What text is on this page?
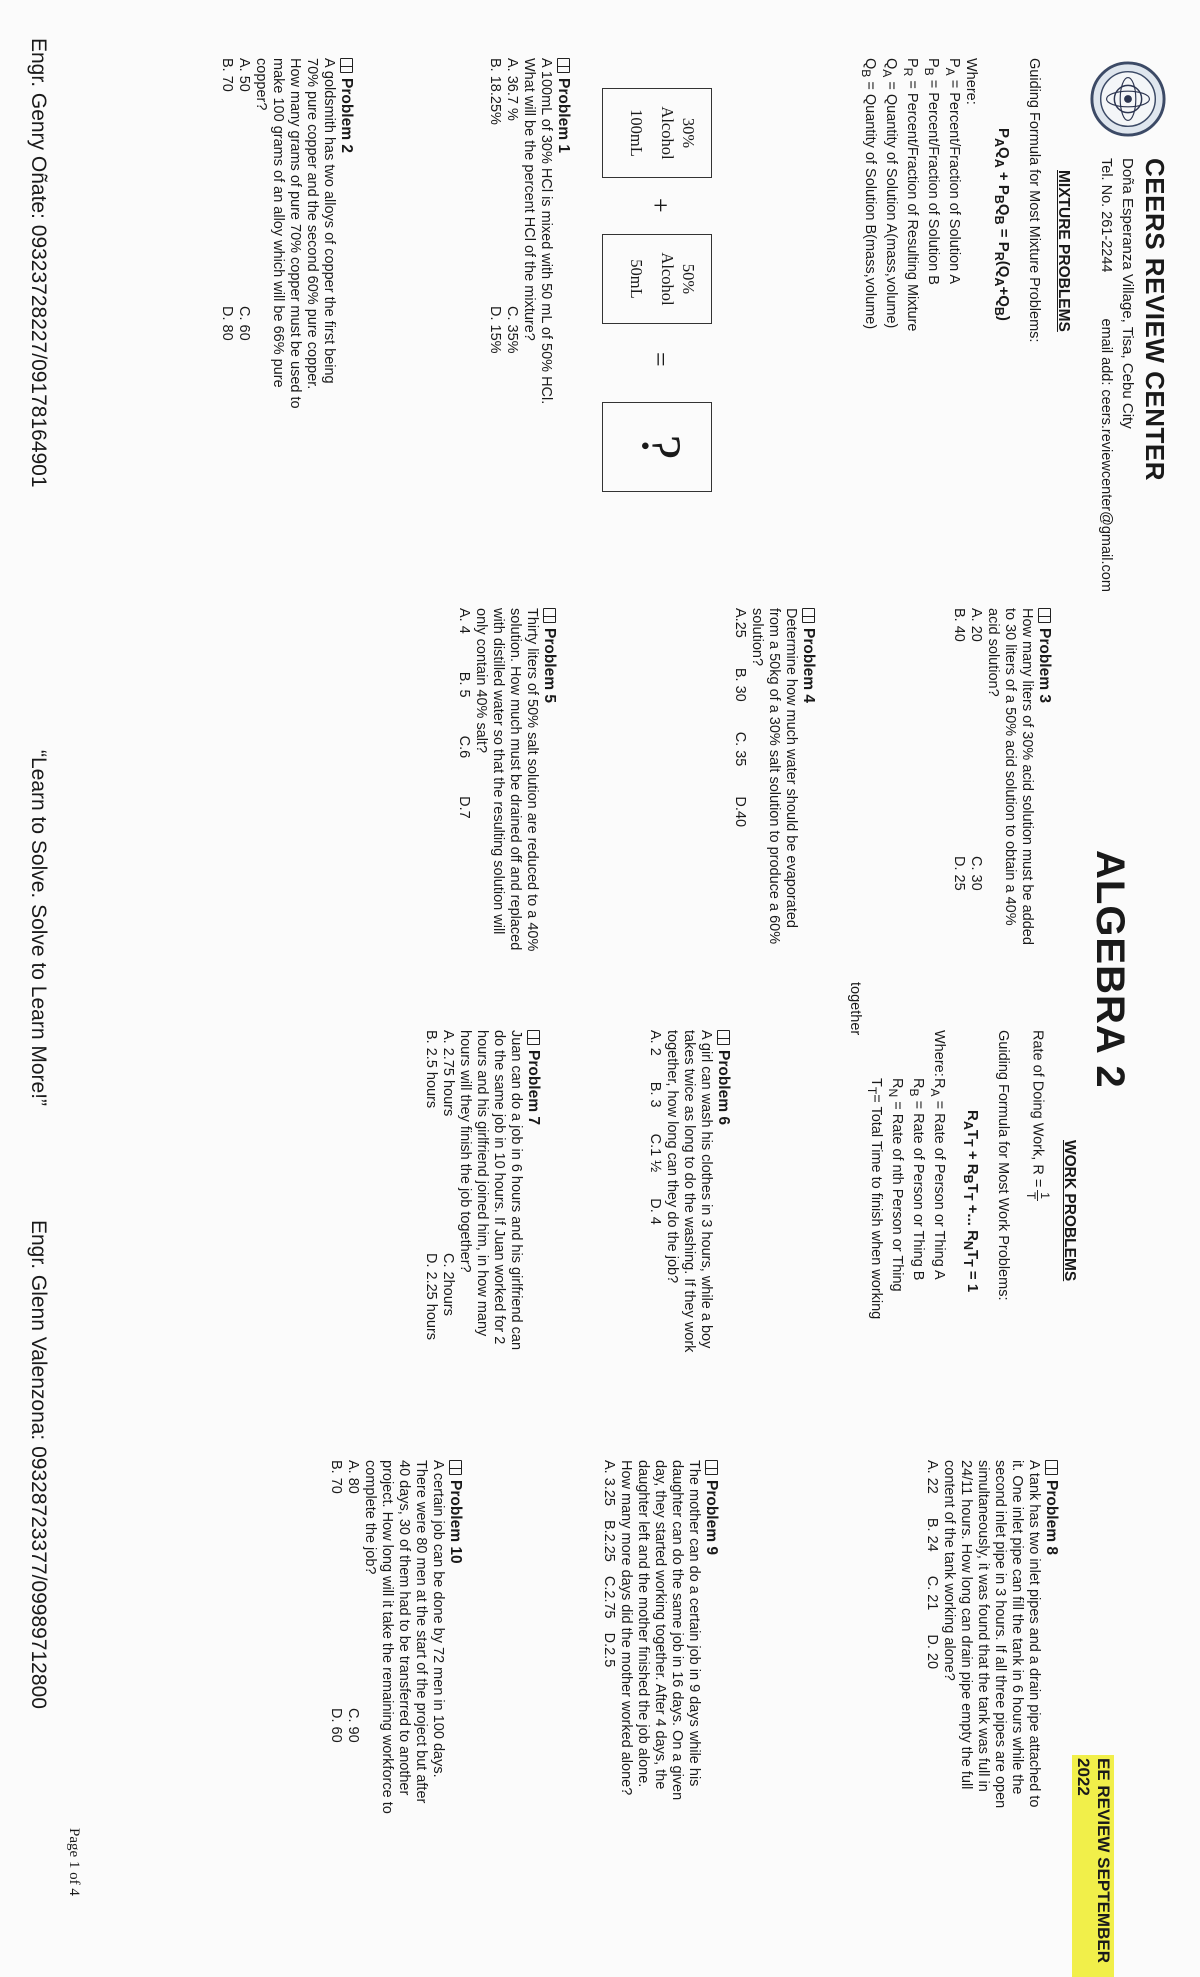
CEERS REVIEW CENTER
Doña Esperanza Village, Tisa, Cebu City
Tel. No. 261-2244 email add: ceers.reviewcenter@gmail.com
ALGEBRA 2
EE REVIEW SEPTEMBER 2022

MIXTURE PROBLEMS

Guiding Formula for Most Mixture Problems:

$P_AQ_A + P_BQ_B = P_R(Q_A+Q_B)$

Where:

$P_A$ = Percent/Fraction of Solution A

$P_B$ = Percent/Fraction of Solution B

$P_R$ = Percent/Fraction of Resulting Mixture

$Q_A$ = Quantity of Solution A(mass,volume)

$Q_B$ = Quantity of Solution B(mass,volume)

30%
Alcohol
100mL
+
50%
Alcohol
50mL
=
?
Problem 1

A 100mL of 30% HCl is mixed with 50 mL of 50% HCl. What will be the percent HCl of the mixture?

A. 36.7 %
C. 35%
B. 18.25%
D. 15%
Problem 2

A goldsmith has two alloys of copper the first being 70% pure copper and the second 60% pure copper. How many grams of pure 70% copper must be used to make 100 grams of an alloy which will be 66% pure copper?

A. 50
C. 60
B. 70
D. 80
Problem 3

How many liters of 30% acid solution must be added to 30 liters of a 50% acid solution to obtain a 40% acid solution?

A. 20
C. 30
B. 40
D. 25
Problem 4

Determine how much water should be evaporated from a 50kg of a 30% salt solution to produce a 60% solution?

A.25
B. 30
C. 35
D.40
Problem 5

Thirty liters of 50% salt solution are reduced to a 40% solution. How much must be drained off and replaced with distilled water so that the resulting solution will only contain 40% salt?

A. 4
B. 5
C.6
D.7

WORK PROBLEMS

Rate of Doing Work, R =
1
T

Guiding Formula for Most Work Problems:

$R_AT_T + R_BT_T$ +... $R_NT_T = 1$

Where:

$R_A$ = Rate of Person or Thing A

$R_B$ = Rate of Person or Thing B

$R_N$ = Rate of nth Person or Thing

$T_T=$ Total Time to finish when working

together

Problem 6

A girl can wash his clothes in 3 hours, while a boy takes twice as long to do the washing. If they work together, how long can they do the job?

A. 2
B. 3
C.1 ½
D. 4
Problem 7

Juan can do a job in 6 hours and his girlfriend can do the same job in 10 hours. If Juan worked for 2 hours and his girlfriend joined him, in how many hours will they finish the job together?

A. 2.75 hours
C. 2hours
B. 2.5 hours
D. 2.25 hours
Problem 8

A tank has two inlet pipes and a drain pipe attached to it. One inlet pipe can fill the tank in 6 hours while the second inlet pipe in 3 hours. If all three pipes are open simultaneously, it was found that the tank was full in 24/11 hours. How long can drain pipe empty the full content of the tank working alone?

A. 22
B. 24
C. 21
D. 20
Problem 9

The mother can do a certain job in 9 days while his daughter can do the same job in 16 days. On a given day, they started working together. After 4 days, the daughter left and the mother finished the job alone. How many more days did the mother worked alone?

A. 3.25
B.2.25
C.2.75
D.2.5
Problem 10

A certain job can be done by 72 men in 100 days. There were 80 men at the start of the project but after 40 days, 30 of them had to be transferred to another project. How long will it take the remaining workforce to complete the job?

A. 80
C. 90
B. 70
D. 60
Engr. Genry Oñate: 09323728227/09178164901
“Learn to Solve. Solve to Learn More!”
Engr. Glenn Valenzona: 09328723377/09989712800
Page 1 of 4
